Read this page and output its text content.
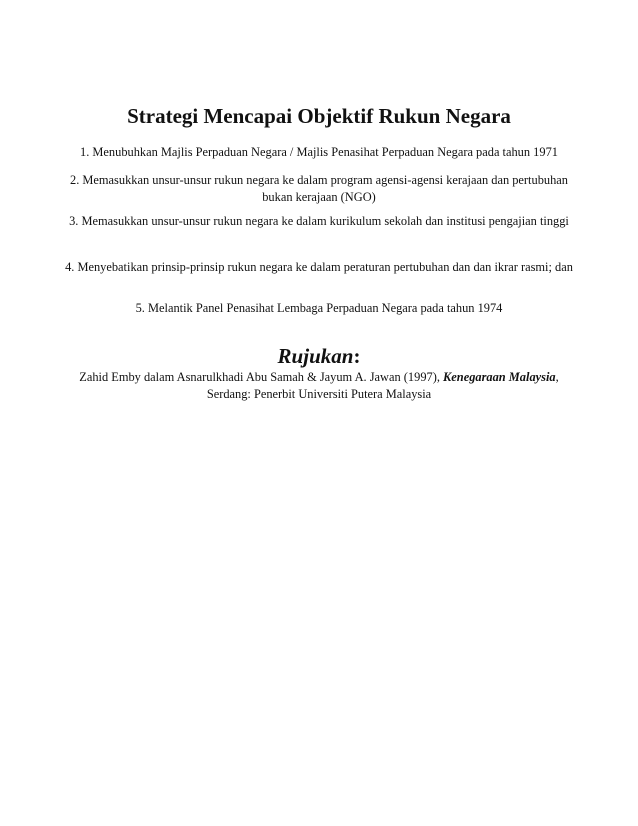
Strategi Mencapai Objektif Rukun Negara

1. Menubuhkan Majlis Perpaduan Negara / Majlis Penasihat Perpaduan Negara pada tahun 1971

2. Memasukkan unsur-unsur rukun negara ke dalam program agensi-agensi kerajaan dan pertubuhan bukan kerajaan (NGO)

3. Memasukkan unsur-unsur rukun negara ke dalam kurikulum sekolah dan institusi pengajian tinggi

4. Menyebatikan prinsip-prinsip rukun negara ke dalam peraturan pertubuhan dan dan ikrar rasmi; dan

5. Melantik Panel Penasihat Lembaga Perpaduan Negara pada tahun 1974

Rujukan:

Zahid Emby dalam Asnarulkhadi Abu Samah & Jayum A. Jawan (1997), Kenegaraan Malaysia, Serdang: Penerbit Universiti Putera Malaysia
